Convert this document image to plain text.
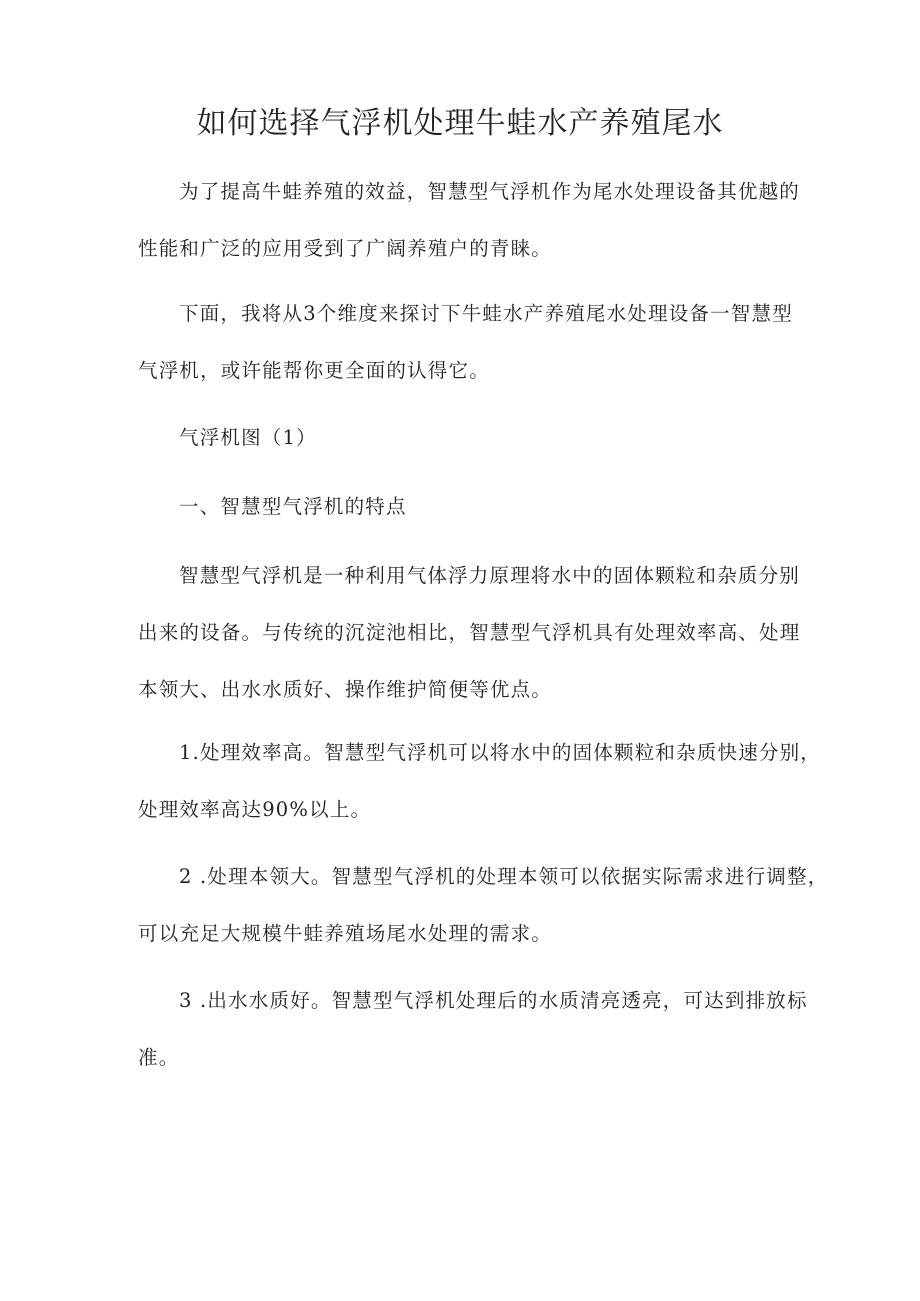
如何选择气浮机处理牛蛙水产养殖尾水

为了提高牛蛙养殖的效益，智慧型气浮机作为尾水处理设备其优越的
性能和广泛的应用受到了广阔养殖户的青睐。

下面，我将从3个维度来探讨下牛蛙水产养殖尾水处理设备一智慧型
气浮机，或许能帮你更全面的认得它。

气浮机图（1）

一、智慧型气浮机的特点

智慧型气浮机是一种利用气体浮力原理将水中的固体颗粒和杂质分别
出来的设备。与传统的沉淀池相比，智慧型气浮机具有处理效率高、处理
本领大、出水水质好、操作维护简便等优点。

1.处理效率高。智慧型气浮机可以将水中的固体颗粒和杂质快速分别，
处理效率高达90%以上。

2 .处理本领大。智慧型气浮机的处理本领可以依据实际需求进行调整，
可以充足大规模牛蛙养殖场尾水处理的需求。

3 .出水水质好。智慧型气浮机处理后的水质清亮透亮，可达到排放标
准。
